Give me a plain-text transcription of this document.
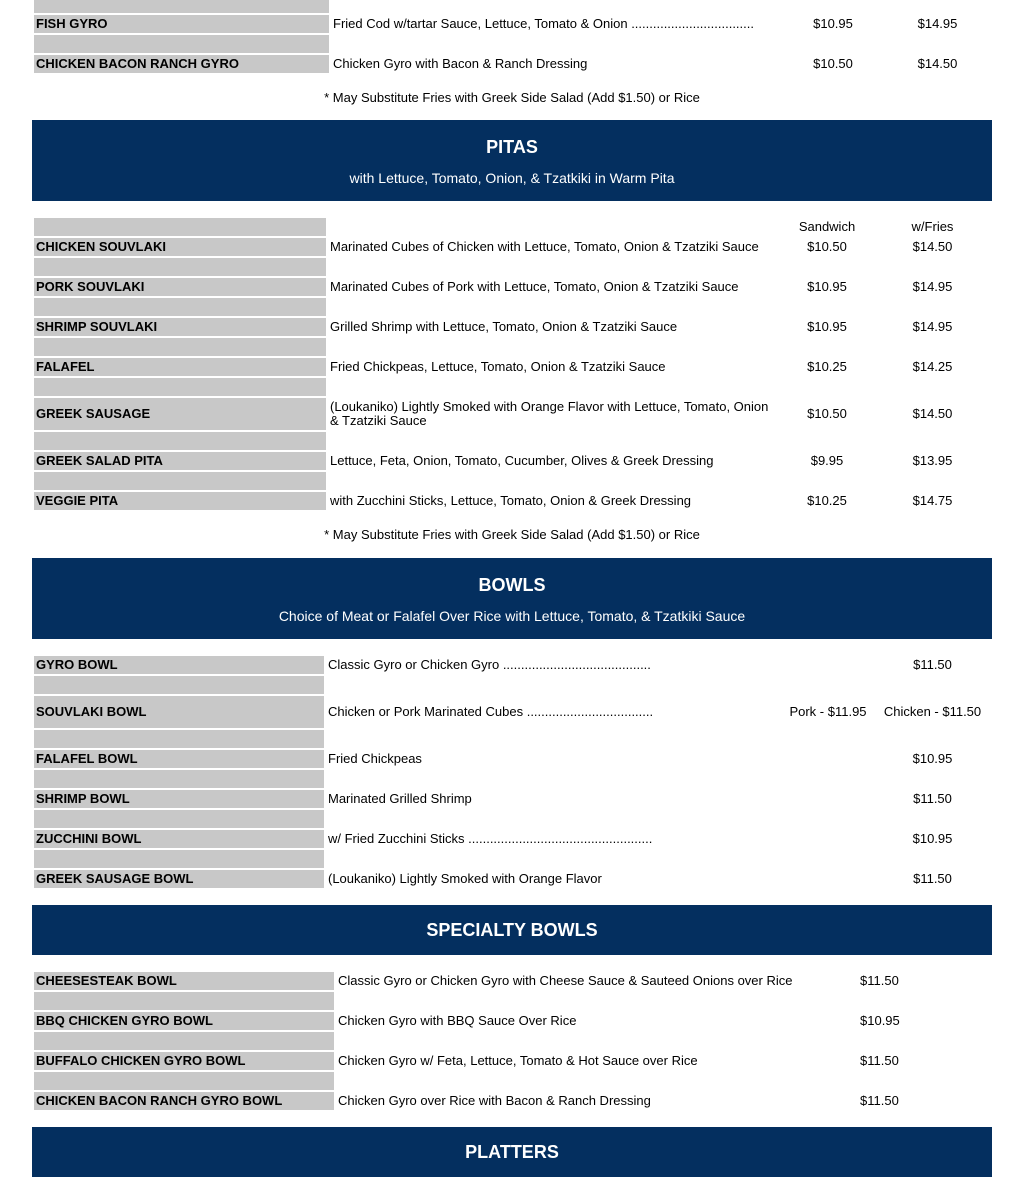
FISH GYRO	Fried Cod w/tartar Sauce, Lettuce, Tomato & Onion ..................................	$10.95	$14.95

CHICKEN BACON RANCH GYRO	Chicken Gyro with Bacon & Ranch Dressing	$10.50	$14.50

* May Substitute Fries with Greek Side Salad (Add $1.50) or Rice

PITAS
with Lettuce, Tomato, Onion, & Tzatkiki in Warm Pita
		Sandwich	w/Fries
CHICKEN SOUVLAKI	Marinated Cubes of Chicken with Lettuce, Tomato, Onion & Tzatziki Sauce	$10.50	$14.50

PORK SOUVLAKI	Marinated Cubes of Pork with Lettuce, Tomato, Onion & Tzatziki Sauce	$10.95	$14.95

SHRIMP SOUVLAKI	Grilled Shrimp with Lettuce, Tomato, Onion & Tzatziki Sauce	$10.95	$14.95

FALAFEL	Fried Chickpeas, Lettuce, Tomato, Onion & Tzatziki Sauce	$10.25	$14.25

GREEK SAUSAGE	(Loukaniko) Lightly Smoked with Orange Flavor with Lettuce, Tomato, Onion & Tzatziki Sauce	$10.50	$14.50

GREEK SALAD PITA	Lettuce, Feta, Onion, Tomato, Cucumber, Olives & Greek Dressing	$9.95	$13.95

VEGGIE PITA	with Zucchini Sticks, Lettuce, Tomato, Onion & Greek Dressing	$10.25	$14.75

* May Substitute Fries with Greek Side Salad (Add $1.50) or Rice

BOWLS
Choice of Meat or Falafel Over Rice with Lettuce, Tomato, & Tzatkiki Sauce
GYRO BOWL	Classic Gyro or Chicken Gyro .........................................		$11.50

SOUVLAKI BOWL	Chicken or Pork Marinated Cubes ...................................	Pork - $11.95	Chicken - $11.50

FALAFEL BOWL	Fried Chickpeas		$10.95

SHRIMP BOWL	Marinated Grilled Shrimp		$11.50

ZUCCHINI BOWL	w/ Fried Zucchini Sticks ...................................................		$10.95

GREEK SAUSAGE BOWL	(Loukaniko) Lightly Smoked with Orange Flavor		$11.50
SPECIALTY BOWLS
CHEESESTEAK BOWL	Classic Gyro or Chicken Gyro with Cheese Sauce & Sauteed Onions over Rice	$11.50

BBQ CHICKEN GYRO BOWL	Chicken Gyro with BBQ Sauce Over Rice	$10.95

BUFFALO CHICKEN GYRO BOWL	Chicken Gyro w/ Feta, Lettuce, Tomato & Hot Sauce over Rice	$11.50

CHICKEN BACON RANCH GYRO BOWL	Chicken Gyro over Rice with Bacon & Ranch Dressing	$11.50
PLATTERS
